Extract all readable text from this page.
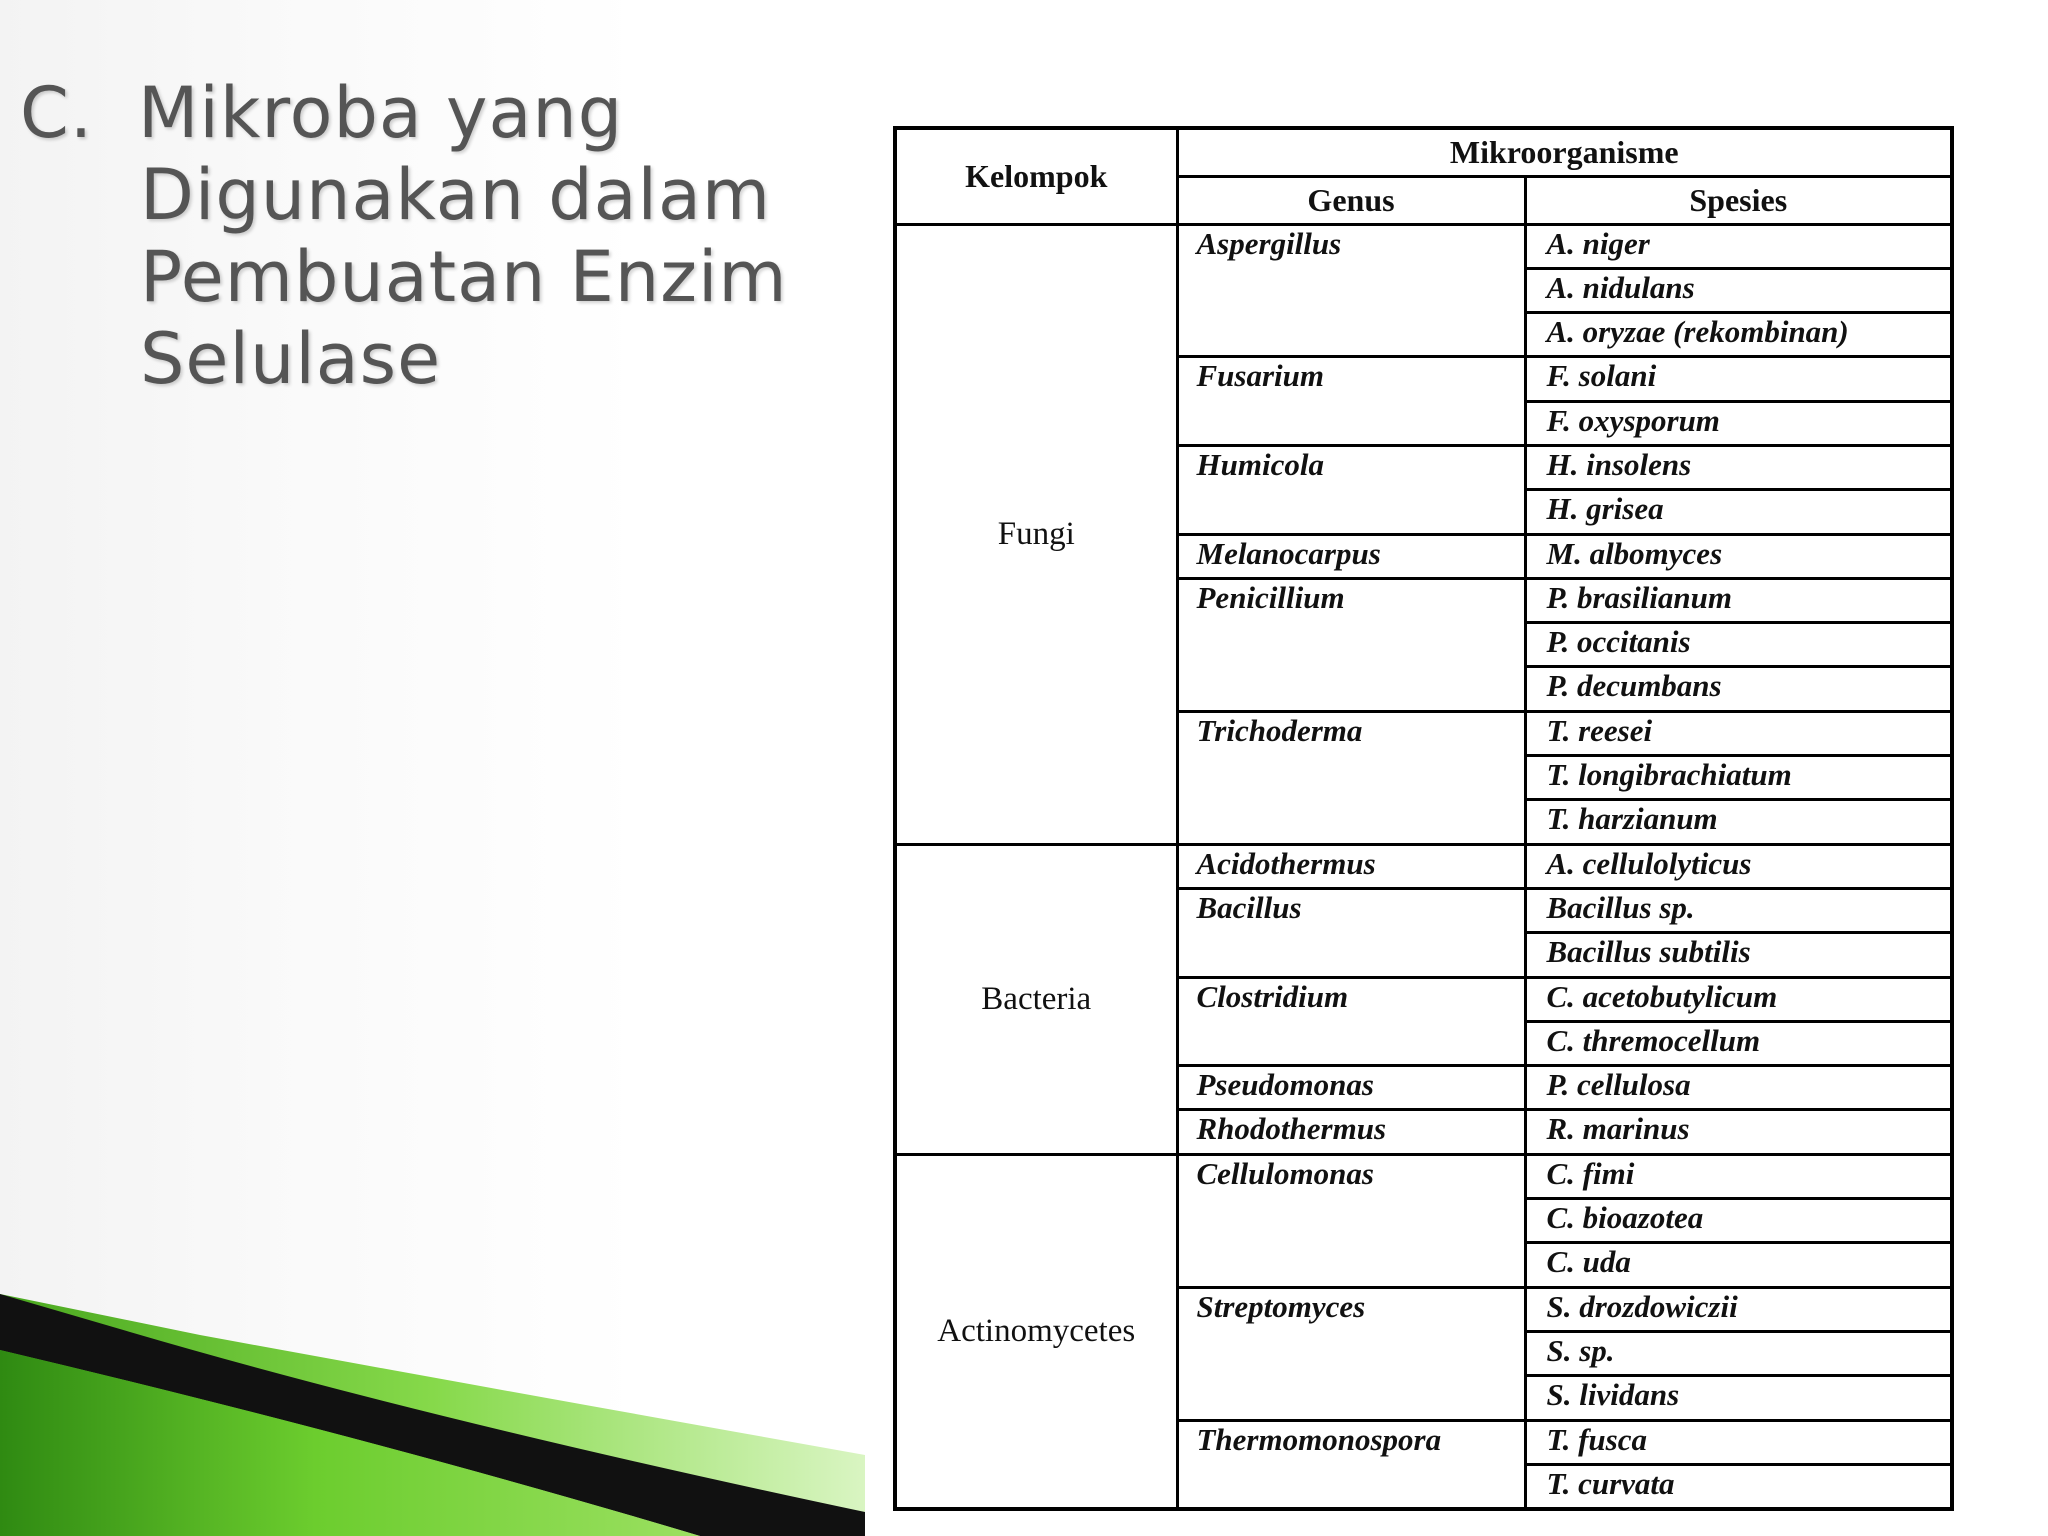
C. Mikroba yang
Digunakan dalam
Pembuatan Enzim
Selulase
Kelompok	Mikroorganisme	
	Genus	Spesies
Fungi	Aspergillus	A. niger
		A. nidulans
		A. oryzae (rekombinan)
	Fusarium	F. solani
		F. oxysporum
	Humicola	H. insolens
		H. grisea
	Melanocarpus	M. albomyces
	Penicillium	P. brasilianum
		P. occitanis
		P. decumbans
	Trichoderma	T. reesei
		T. longibrachiatum
		T. harzianum
Bacteria	Acidothermus	A. cellulolyticus
	Bacillus	Bacillus sp.
		Bacillus subtilis
	Clostridium	C. acetobutylicum
		C. thremocellum
	Pseudomonas	P. cellulosa
	Rhodothermus	R. marinus
Actinomycetes	Cellulomonas	C. fimi
		C. bioazotea
		C. uda
	Streptomyces	S. drozdowiczii
		S. sp.
		S. lividans
	Thermomonospora	T. fusca
		T. curvata
